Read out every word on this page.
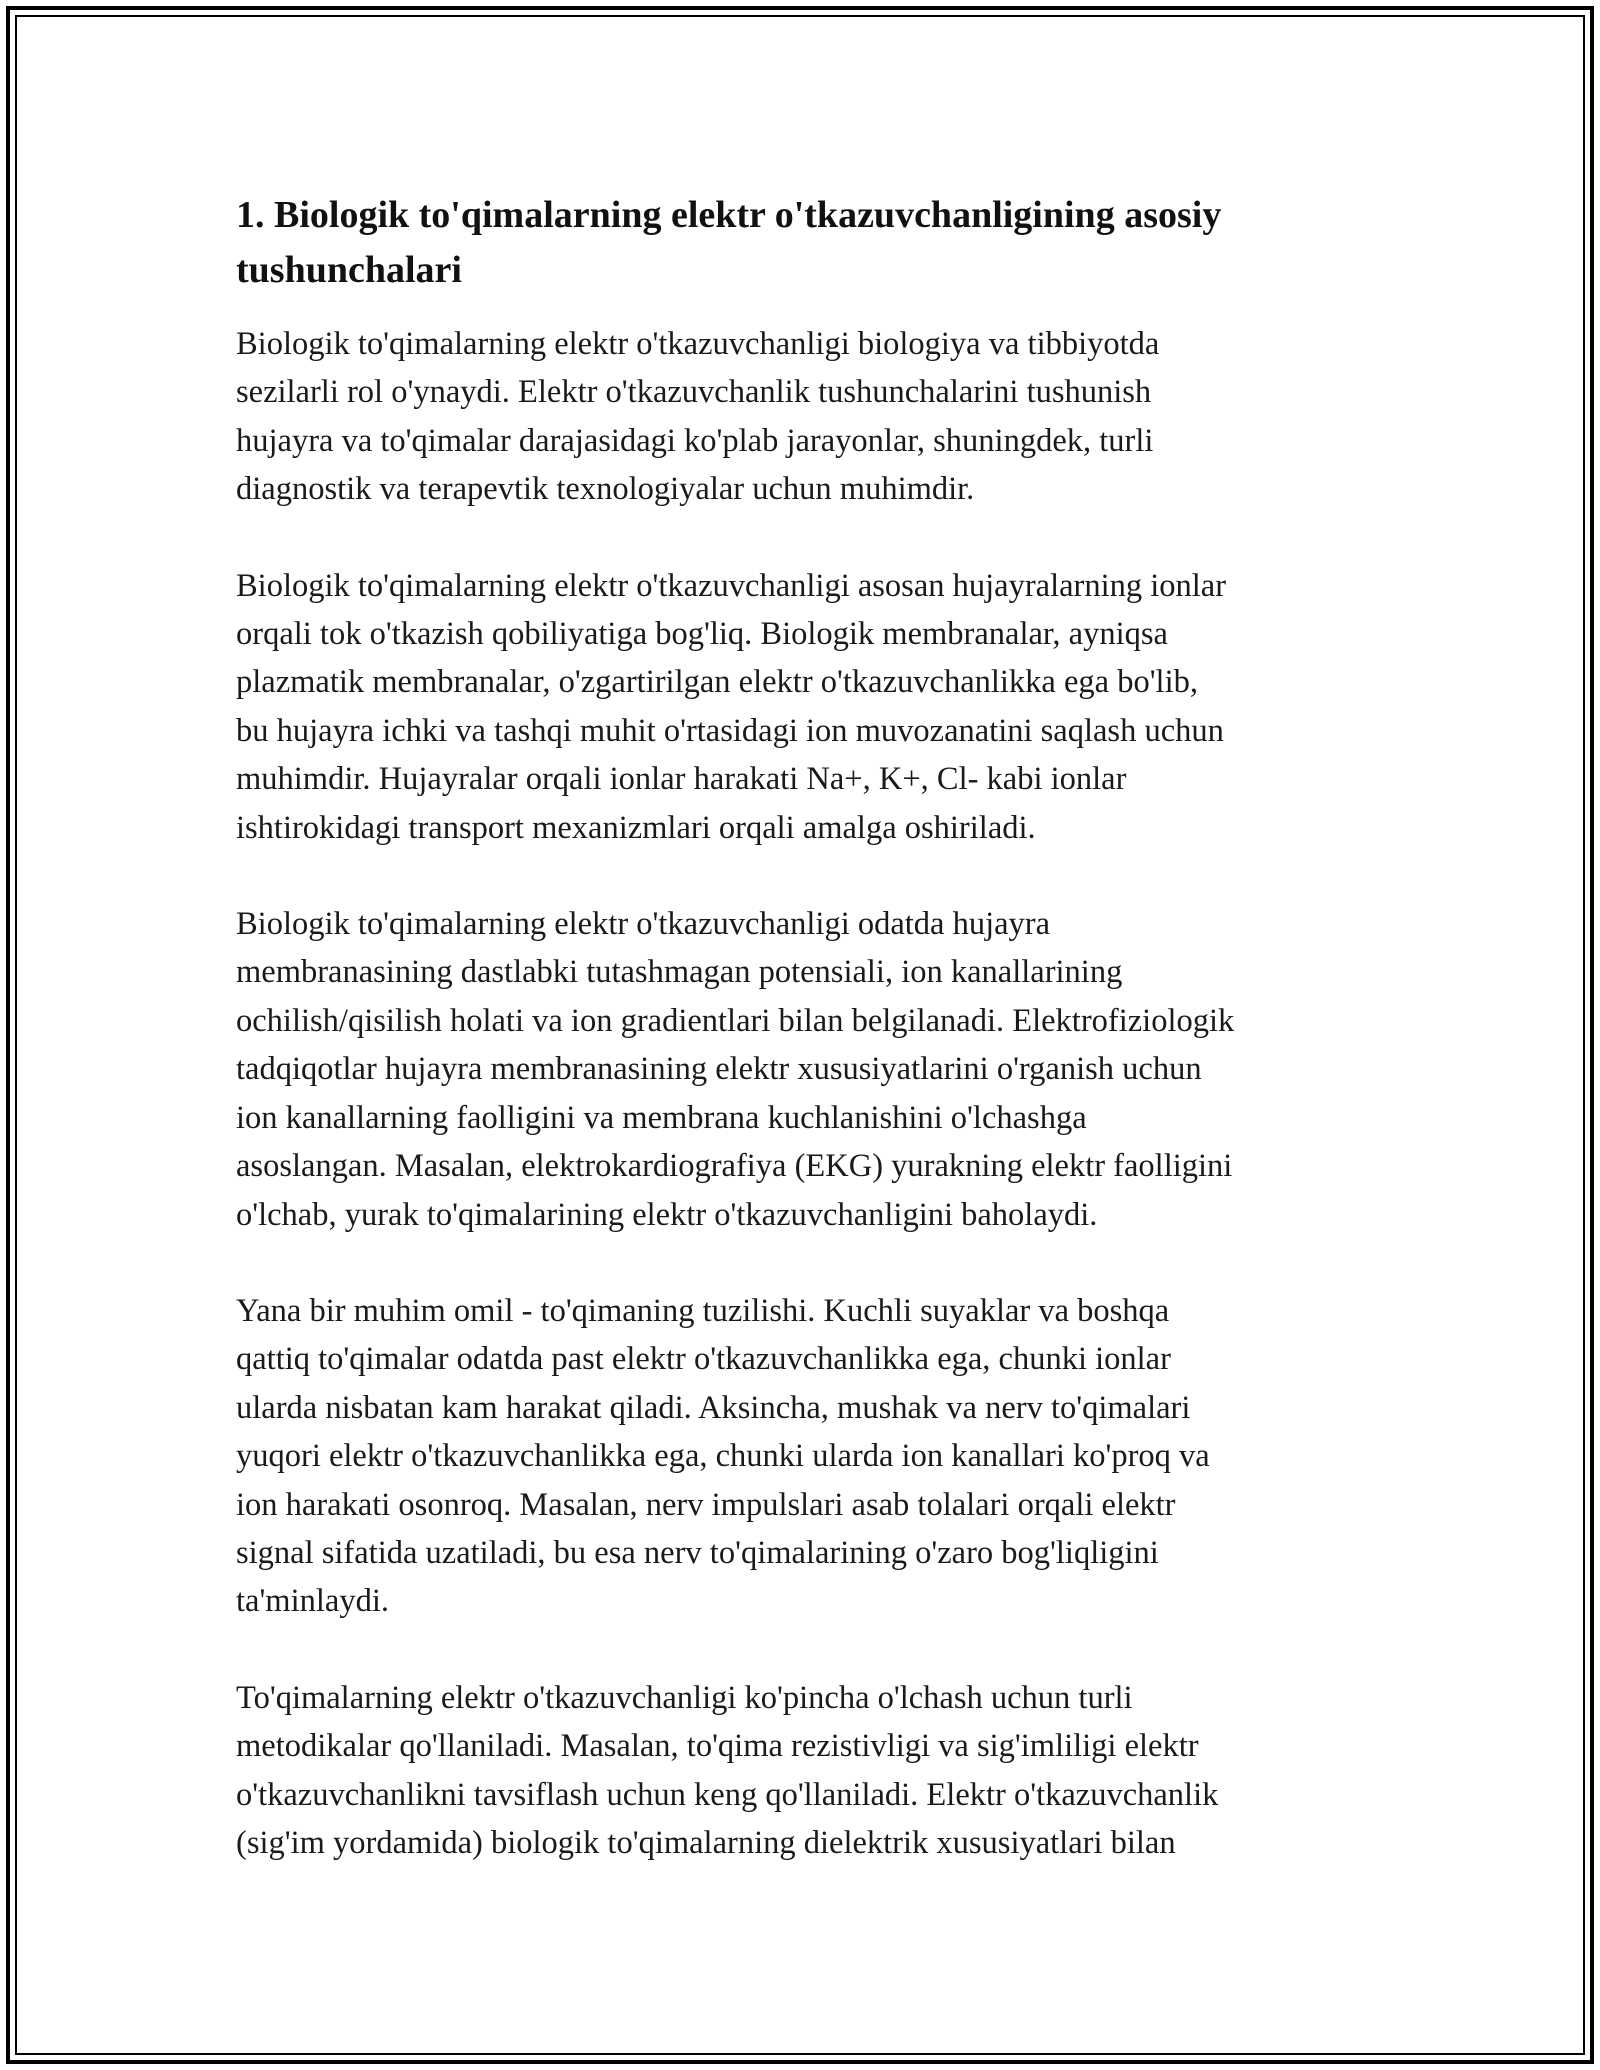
1. Biologik to'qimalarning elektr o'tkazuvchanligining asosiy
tushunchalari

Biologik to'qimalarning elektr o'tkazuvchanligi biologiya va tibbiyotda
sezilarli rol o'ynaydi. Elektr o'tkazuvchanlik tushunchalarini tushunish
hujayra va to'qimalar darajasidagi ko'plab jarayonlar, shuningdek, turli
diagnostik va terapevtik texnologiyalar uchun muhimdir.

Biologik to'qimalarning elektr o'tkazuvchanligi asosan hujayralarning ionlar
orqali tok o'tkazish qobiliyatiga bog'liq. Biologik membranalar, ayniqsa
plazmatik membranalar, o'zgartirilgan elektr o'tkazuvchanlikka ega bo'lib,
bu hujayra ichki va tashqi muhit o'rtasidagi ion muvozanatini saqlash uchun
muhimdir. Hujayralar orqali ionlar harakati Na+, K+, Cl- kabi ionlar
ishtirokidagi transport mexanizmlari orqali amalga oshiriladi.

Biologik to'qimalarning elektr o'tkazuvchanligi odatda hujayra
membranasining dastlabki tutashmagan potensiali, ion kanallarining
ochilish/qisilish holati va ion gradientlari bilan belgilanadi. Elektrofiziologik
tadqiqotlar hujayra membranasining elektr xususiyatlarini o'rganish uchun
ion kanallarning faolligini va membrana kuchlanishini o'lchashga
asoslangan. Masalan, elektrokardiografiya (EKG) yurakning elektr faolligini
o'lchab, yurak to'qimalarining elektr o'tkazuvchanligini baholaydi.

Yana bir muhim omil - to'qimaning tuzilishi. Kuchli suyaklar va boshqa
qattiq to'qimalar odatda past elektr o'tkazuvchanlikka ega, chunki ionlar
ularda nisbatan kam harakat qiladi. Aksincha, mushak va nerv to'qimalari
yuqori elektr o'tkazuvchanlikka ega, chunki ularda ion kanallari ko'proq va
ion harakati osonroq. Masalan, nerv impulslari asab tolalari orqali elektr
signal sifatida uzatiladi, bu esa nerv to'qimalarining o'zaro bog'liqligini
ta'minlaydi.

To'qimalarning elektr o'tkazuvchanligi ko'pincha o'lchash uchun turli
metodikalar qo'llaniladi. Masalan, to'qima rezistivligi va sig'imliligi elektr
o'tkazuvchanlikni tavsiflash uchun keng qo'llaniladi. Elektr o'tkazuvchanlik
(sig'im yordamida) biologik to'qimalarning dielektrik xususiyatlari bilan
